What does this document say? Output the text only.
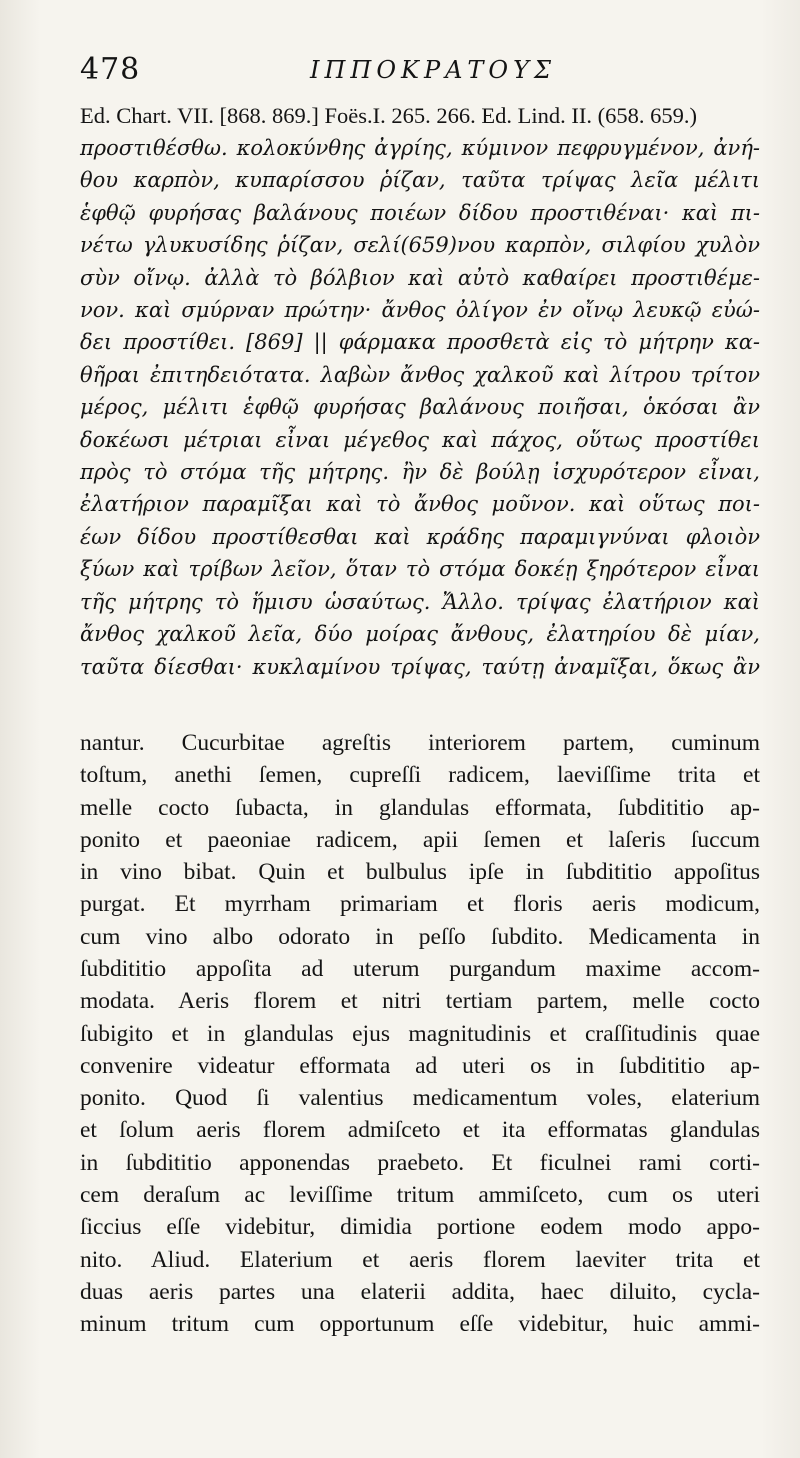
478	ΙΠΠΟΚΡΑΤΟΥΣ
Ed. Chart. VII. [868. 869.] Foës.I. 265. 266. Ed. Lind. II. (658. 659.)
προστιθέσθω. κολοκύνθης ἀγρίης, κύμινον πεφρυγμένον, ἀνή-
θου καρπὸν, κυπαρίσσου ῥίζαν, ταῦτα τρίψας λεῖα μέλιτι
ἑφθῷ φυρήσας βαλάνους ποιέων δίδου προστιθέναι· καὶ πι-
νέτω γλυκυσίδης ῥίζαν, σελί(659)νου καρπὸν, σιλφίου χυλὸν
σὺν οἴνῳ. ἀλλὰ τὸ βόλβιον καὶ αὐτὸ καθαίρει προστιθέμε-
νον. καὶ σμύρναν πρώτην· ἄνθος ὀλίγον ἐν οἴνῳ λευκῷ εὐώ-
δει προστίθει. [869] || φάρμακα προσθετὰ εἰς τὸ μήτρην κα-
θῆραι ἐπιτηδειότατα. λαβὼν ἄνθος χαλκοῦ καὶ λίτρου τρίτον
μέρος, μέλιτι ἑφθῷ φυρήσας βαλάνους ποιῆσαι, ὁκόσαι ἂν
δοκέωσι μέτριαι εἶναι μέγεθος καὶ πάχος, οὕτως προστίθει
πρὸς τὸ στόμα τῆς μήτρης. ἢν δὲ βούλῃ ἰσχυρότερον εἶναι,
ἐλατήριον παραμῖξαι καὶ τὸ ἄνθος μοῦνον. καὶ οὕτως ποι-
έων δίδου προστίθεσθαι καὶ κράδης παραμιγνύναι φλοιὸν
ξύων καὶ τρίβων λεῖον, ὅταν τὸ στόμα δοκέῃ ξηρότερον εἶναι
τῆς μήτρης τὸ ἥμισυ ὡσαύτως. Ἄλλο. τρίψας ἐλατήριον καὶ
ἄνθος χαλκοῦ λεῖα, δύο μοίρας ἄνθους, ἐλατηρίου δὲ μίαν,
ταῦτα δίεσθαι· κυκλαμίνου τρίψας, ταύτῃ ἀναμῖξαι, ὅκως ἂν
nantur. Cucurbitae agreſtis interiorem partem, cuminum
toſtum, anethi ſemen, cupreſſi radicem, laeviſſime trita et
melle cocto ſubacta, in glandulas efformata, ſubdititio ap-
ponito et paeoniae radicem, apii ſemen et laſeris ſuccum
in vino bibat. Quin et bulbulus ipſe in ſubdititio appoſitus
purgat. Et myrrham primariam et floris aeris modicum,
cum vino albo odorato in peſſo ſubdito. Medicamenta in
ſubdititio appoſita ad uterum purgandum maxime accom-
modata. Aeris florem et nitri tertiam partem, melle cocto
ſubigito et in glandulas ejus magnitudinis et craſſitudinis quae
convenire videatur efformata ad uteri os in ſubdititio ap-
ponito. Quod ſi valentius medicamentum voles, elaterium
et ſolum aeris florem admiſceto et ita efformatas glandulas
in ſubdititio apponendas praebeto. Et ficulnei rami corti-
cem deraſum ac leviſſime tritum ammiſceto, cum os uteri
ſiccius eſſe videbitur, dimidia portione eodem modo appo-
nito. Aliud. Elaterium et aeris florem laeviter trita et
duas aeris partes una elaterii addita, haec diluito, cycla-
minum tritum cum opportunum eſſe videbitur, huic ammi-
